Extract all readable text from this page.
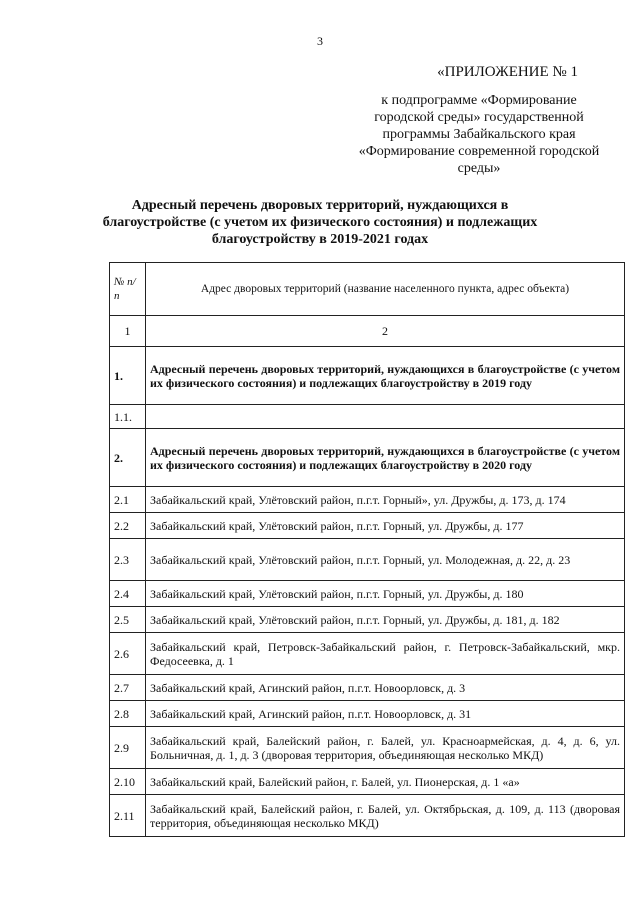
3
«ПРИЛОЖЕНИЕ № 1
к подпрограмме «Формирование городской среды» государственной программы Забайкальского края «Формирование современной городской среды»
Адресный перечень дворовых территорий, нуждающихся в благоустройстве (с учетом их физического состояния) и подлежащих благоустройству в 2019-2021 годах
№ п/п	Адрес дворовых территорий (название населенного пункта, адрес объекта)
1	2
1.	Адресный перечень дворовых территорий, нуждающихся в благоустройстве (с учетом их физического состояния) и подлежащих благоустройству в 2019 году
1.1.	
2.	Адресный перечень дворовых территорий, нуждающихся в благоустройстве (с учетом их физического состояния) и подлежащих благоустройству в 2020 году
2.1	Забайкальский край, Улётовский район, п.г.т. Горный», ул. Дружбы, д. 173, д. 174
2.2	Забайкальский край, Улётовский район, п.г.т. Горный, ул. Дружбы, д. 177
2.3	Забайкальский край, Улётовский район, п.г.т. Горный, ул. Молодежная, д. 22, д. 23
2.4	Забайкальский край, Улётовский район, п.г.т. Горный, ул. Дружбы, д. 180
2.5	Забайкальский край, Улётовский район, п.г.т. Горный, ул. Дружбы, д. 181, д. 182
2.6	Забайкальский край, Петровск-Забайкальский район, г. Петровск-Забайкальский, мкр. Федосеевка, д. 1
2.7	Забайкальский край, Агинский район, п.г.т. Новоорловск, д. 3
2.8	Забайкальский край, Агинский район, п.г.т. Новоорловск, д. 31
2.9	Забайкальский край, Балейский район, г. Балей, ул. Красноармейская, д. 4, д. 6, ул. Больничная, д. 1, д. 3 (дворовая территория, объединяющая несколько МКД)
2.10	Забайкальский край, Балейский район, г. Балей, ул. Пионерская, д. 1 «а»
2.11	Забайкальский край, Балейский район, г. Балей, ул. Октябрьская, д. 109, д. 113 (дворовая территория, объединяющая несколько МКД)
